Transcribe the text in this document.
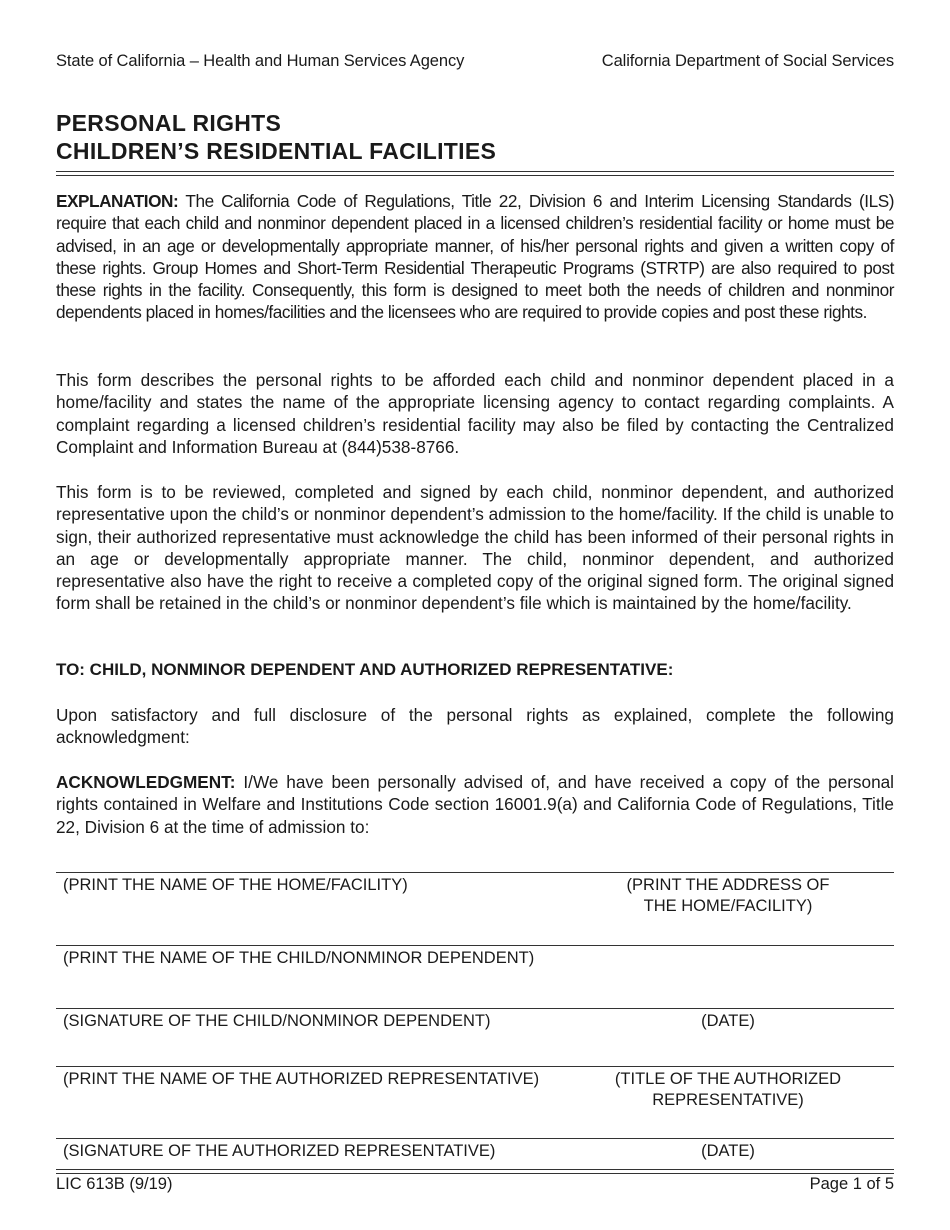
State of California – Health and Human Services Agency	California Department of Social Services
PERSONAL RIGHTS
CHILDREN’S RESIDENTIAL FACILITIES
EXPLANATION: The California Code of Regulations, Title 22, Division 6 and Interim Licensing Standards (ILS) require that each child and nonminor dependent placed in a licensed children’s residential facility or home must be advised, in an age or developmentally appropriate manner, of his/her personal rights and given a written copy of these rights. Group Homes and Short-Term Residential Therapeutic Programs (STRTP) are also required to post these rights in the facility. Consequently, this form is designed to meet both the needs of children and nonminor dependents placed in homes/facilities and the licensees who are required to provide copies and post these rights.
This form describes the personal rights to be afforded each child and nonminor dependent placed in a home/facility and states the name of the appropriate licensing agency to contact regarding complaints. A complaint regarding a licensed children’s residential facility may also be filed by contacting the Centralized Complaint and Information Bureau at (844)538-8766.
This form is to be reviewed, completed and signed by each child, nonminor dependent, and authorized representative upon the child’s or nonminor dependent’s admission to the home/facility. If the child is unable to sign, their authorized representative must acknowledge the child has been informed of their personal rights in an age or developmentally appropriate manner. The child, nonminor dependent, and authorized representative also have the right to receive a completed copy of the original signed form. The original signed form shall be retained in the child’s or nonminor dependent’s file which is maintained by the home/facility.
TO: CHILD, NONMINOR DEPENDENT AND AUTHORIZED REPRESENTATIVE:
Upon satisfactory and full disclosure of the personal rights as explained, complete the following acknowledgment:
ACKNOWLEDGMENT: I/We have been personally advised of, and have received a copy of the personal rights contained in Welfare and Institutions Code section 16001.9(a) and California Code of Regulations, Title 22, Division 6 at the time of admission to:
(PRINT THE NAME OF THE HOME/FACILITY)	(PRINT THE ADDRESS OF THE HOME/FACILITY)
(PRINT THE NAME OF THE CHILD/NONMINOR DEPENDENT)
(SIGNATURE OF THE CHILD/NONMINOR DEPENDENT)	(DATE)
(PRINT THE NAME OF THE AUTHORIZED REPRESENTATIVE)	(TITLE OF THE AUTHORIZED REPRESENTATIVE)
(SIGNATURE OF THE AUTHORIZED REPRESENTATIVE)	(DATE)
LIC 613B (9/19)	Page 1 of 5
